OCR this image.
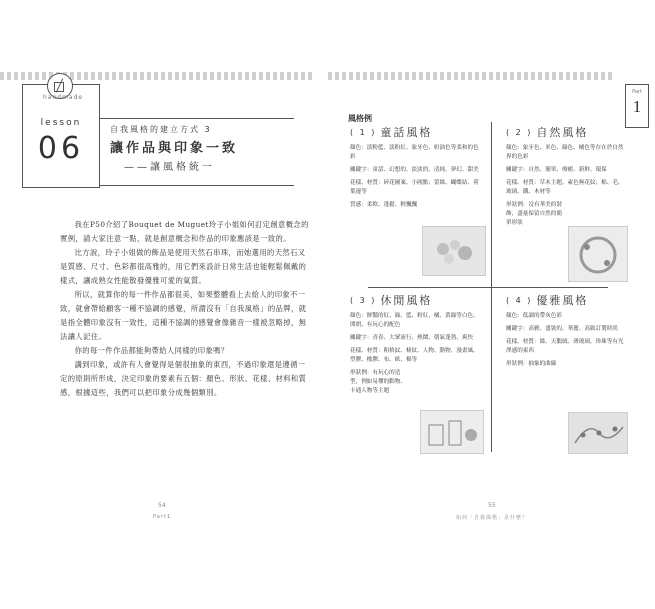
handmade
lesson
06
自我風格的建立方式 3
讓作品與印象一致
——讓風格統一

我在P50介紹了Bouquet de Muguet玲子小姐如何訂定創意概念的實例，請大家注意一點，就是創意概念和作品的印象應該是一致的。

比方說，玲子小姐做的飾品是使用天然石串珠，而她選用的天然石又是質感、尺寸、色彩都很高雅的，用它們來設計日常生活也能輕鬆佩戴的樣式，讓成熟女性能散發優雅可愛的氣質。

所以，就算你的每一件作品都很美，如果整體看上去給人的印象不一致，就會帶給顧客一種不協調的感覺，所謂沒有「自我風格」的品牌，就是指全體印象沒有一致性，這種不協調的感覺會像雜音一樣被忽略掉，無法讓人記住。

你的每一件作品都能夠帶給人同樣的印象嗎？

講到印象，或許有人會覺得是個很抽象的東西，不過印象還是遵循一定的原則所形成，決定印象的要素有五個：顏色、形狀、花樣、材料和質感，根據這些，我們可以把印象分成幾個類別。

54
Part1
Part
1
風格例
( 1 ) 童話風格

顏色：淡粉藍、淡粉紅、象牙色、奶油色等柔和的色彩

關鍵字：童話、幻想的、淡淡的、清純、夢幻、甜美

花樣、材質：碎花圖案、小圓點；蕾絲、蝴蝶結、荷葉邊等

質感：柔軟、蓬鬆、輕飄飄

( 2 ) 自然風格

顏色：象牙色、米色、綠色、橘色等存在於自然界的色彩

關鍵字：自然、簡單、療癒、新鮮、環保

花樣、材質：草木主題、素色無花紋；棉、毛、玻璃、鐵、木材等

形狀例：沒有華美的裝飾，盡量保留自然的簡單形狀

( 3 ) 休閒風格

顏色：鮮豔的紅、綠、藍、粉紅、橘、黃綠等白色、開朗、有玩心的配色

關鍵字：青春、大眾流行、熱鬧、朝氣蓬勃、爽快

花樣、材質：粗格紋、條紋、人物、動物、漫畫風、塑膠、橡膠、布、紙、棉等

形狀例：有玩心的造型，例如易懂的動物、卡通人物等主題

( 4 ) 優雅風格

顏色：低調的帶灰色彩

關鍵字：高雅、盛裝的、華麗、高級訂製時尚

花樣、材質：絲、天鵝絨、薄玻璃、珍珠等有光澤感的東西

形狀例：抽象的曲線

55
如何「自我風格」是什麼？
